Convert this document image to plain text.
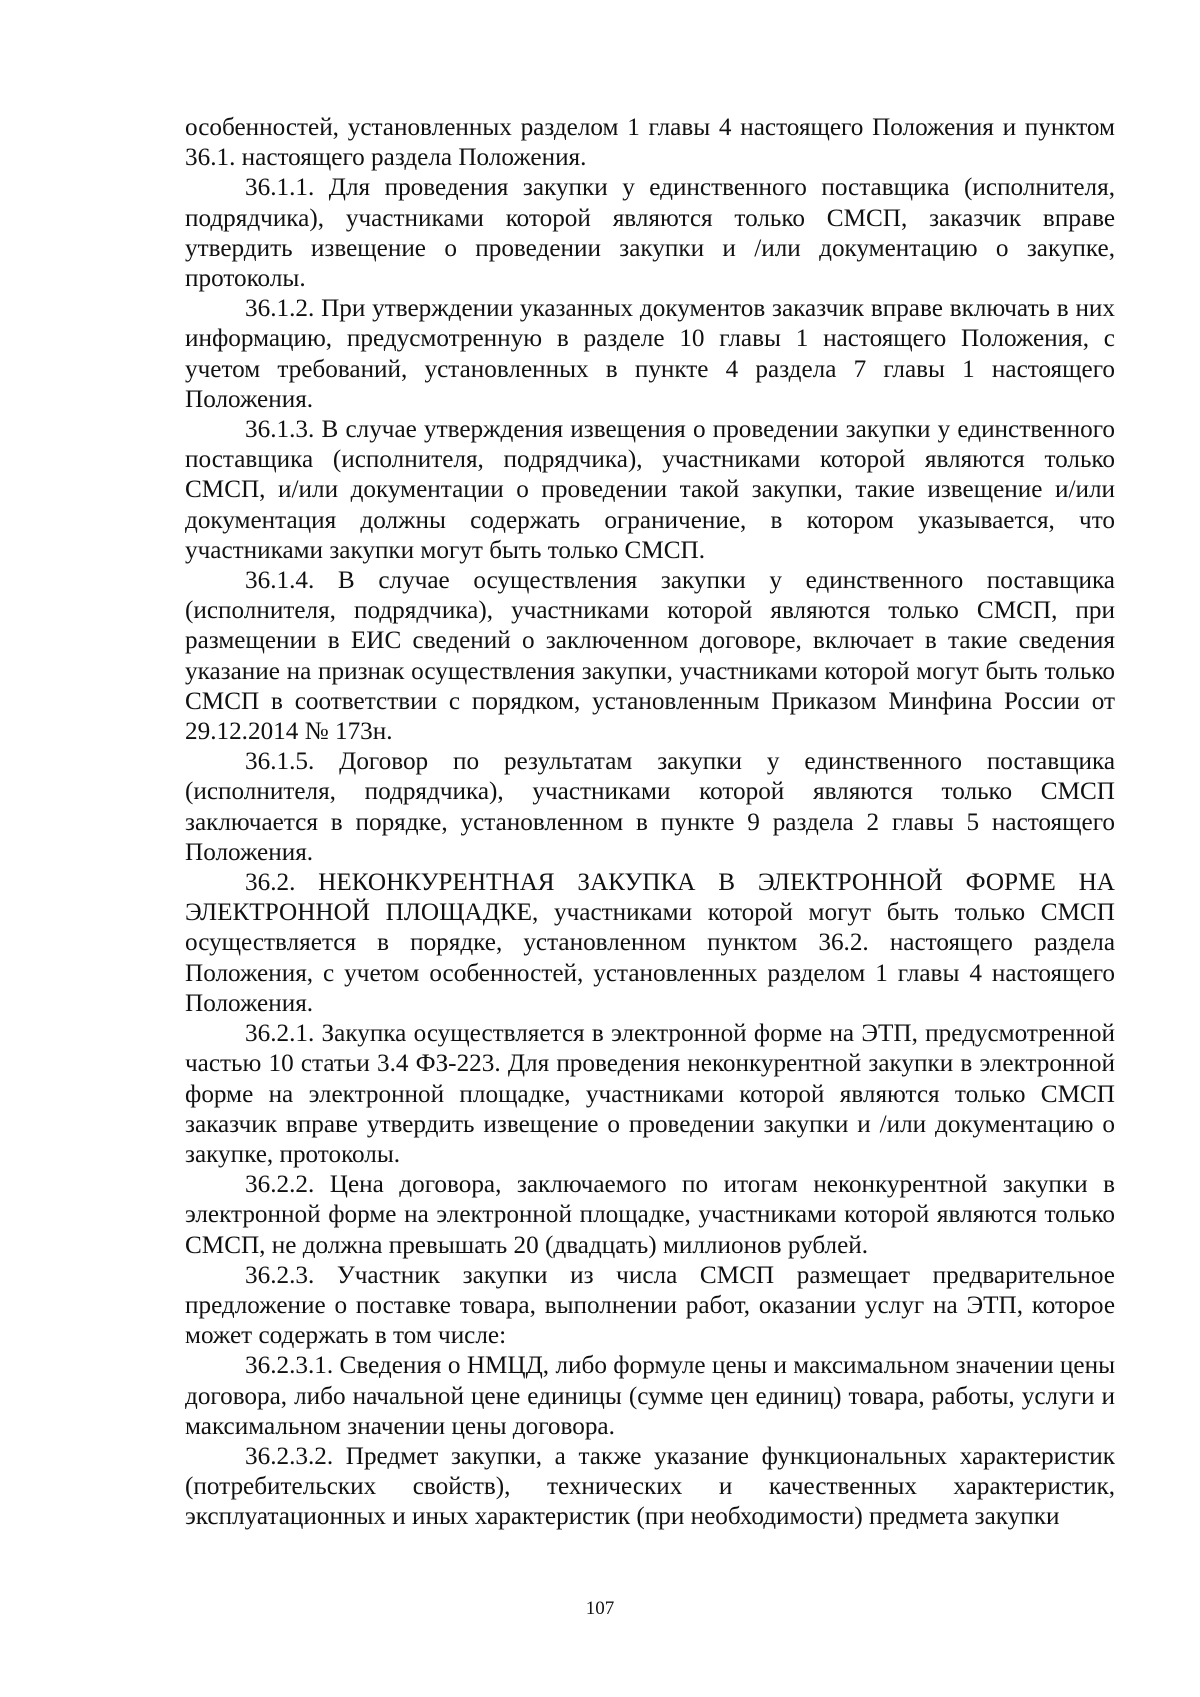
особенностей, установленных разделом 1 главы 4 настоящего Положения и пунктом 36.1. настоящего раздела Положения.

36.1.1. Для проведения закупки у единственного поставщика (исполнителя, подрядчика), участниками которой являются только СМСП, заказчик вправе утвердить извещение о проведении закупки и /или документацию о закупке, протоколы.

36.1.2. При утверждении указанных документов заказчик вправе включать в них информацию, предусмотренную в разделе 10 главы 1 настоящего Положения, с учетом требований, установленных в пункте 4 раздела 7 главы 1 настоящего Положения.

36.1.3. В случае утверждения извещения о проведении закупки у единственного поставщика (исполнителя, подрядчика), участниками которой являются только СМСП, и/или документации о проведении такой закупки, такие извещение и/или документация должны содержать ограничение, в котором указывается, что участниками закупки могут быть только СМСП.

36.1.4. В случае осуществления закупки у единственного поставщика (исполнителя, подрядчика), участниками которой являются только СМСП, при размещении в ЕИС сведений о заключенном договоре, включает в такие сведения указание на признак осуществления закупки, участниками которой могут быть только СМСП в соответствии с порядком, установленным Приказом Минфина России от 29.12.2014 № 173н.

36.1.5. Договор по результатам закупки у единственного поставщика (исполнителя, подрядчика), участниками которой являются только СМСП заключается в порядке, установленном в пункте 9 раздела 2 главы 5 настоящего Положения.

36.2. НЕКОНКУРЕНТНАЯ ЗАКУПКА В ЭЛЕКТРОННОЙ ФОРМЕ НА ЭЛЕКТРОННОЙ ПЛОЩАДКЕ, участниками которой могут быть только СМСП осуществляется в порядке, установленном пунктом 36.2. настоящего раздела Положения, с учетом особенностей, установленных разделом 1 главы 4 настоящего Положения.

36.2.1. Закупка осуществляется в электронной форме на ЭТП, предусмотренной частью 10 статьи 3.4 ФЗ-223. Для проведения неконкурентной закупки в электронной форме на электронной площадке, участниками которой являются только СМСП заказчик вправе утвердить извещение о проведении закупки и /или документацию о закупке, протоколы.

36.2.2. Цена договора, заключаемого по итогам неконкурентной закупки в электронной форме на электронной площадке, участниками которой являются только СМСП, не должна превышать 20 (двадцать) миллионов рублей.

36.2.3. Участник закупки из числа СМСП размещает предварительное предложение о поставке товара, выполнении работ, оказании услуг на ЭТП, которое может содержать в том числе:

36.2.3.1. Сведения о НМЦД, либо формуле цены и максимальном значении цены договора, либо начальной цене единицы (сумме цен единиц) товара, работы, услуги и максимальном значении цены договора.

36.2.3.2. Предмет закупки, а также указание функциональных характеристик (потребительских свойств), технических и качественных характеристик, эксплуатационных и иных характеристик (при необходимости) предмета закупки

107
